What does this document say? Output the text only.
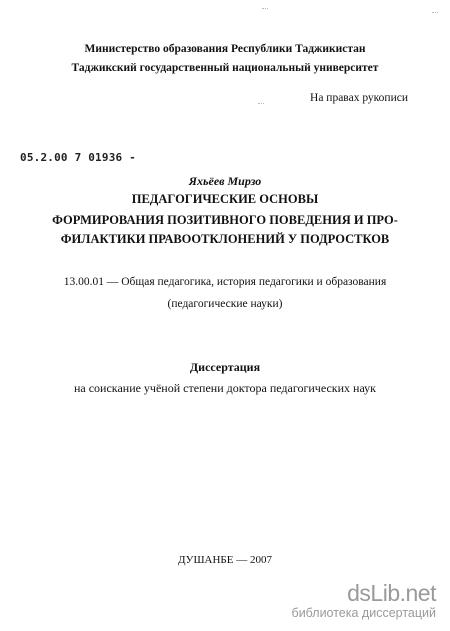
Министерство образования Республики Таджикистан
Таджикский государственный национальный университет
На правах рукописи
05.2.00 7 01936 -
Яхьёев Мирзо
ПЕДАГОГИЧЕСКИЕ ОСНОВЫ
ФОРМИРОВАНИЯ ПОЗИТИВНОГО ПОВЕДЕНИЯ И ПРО-
ФИЛАКТИКИ ПРАВООТКЛОНЕНИЙ У ПОДРОСТКОВ
13.00.01 — Общая педагогика, история педагогики и образования
(педагогические науки)
Диссертация
на соискание учёной степени доктора педагогических наук
ДУШАНБЕ — 2007
dsLib.net
библиотека диссертаций
